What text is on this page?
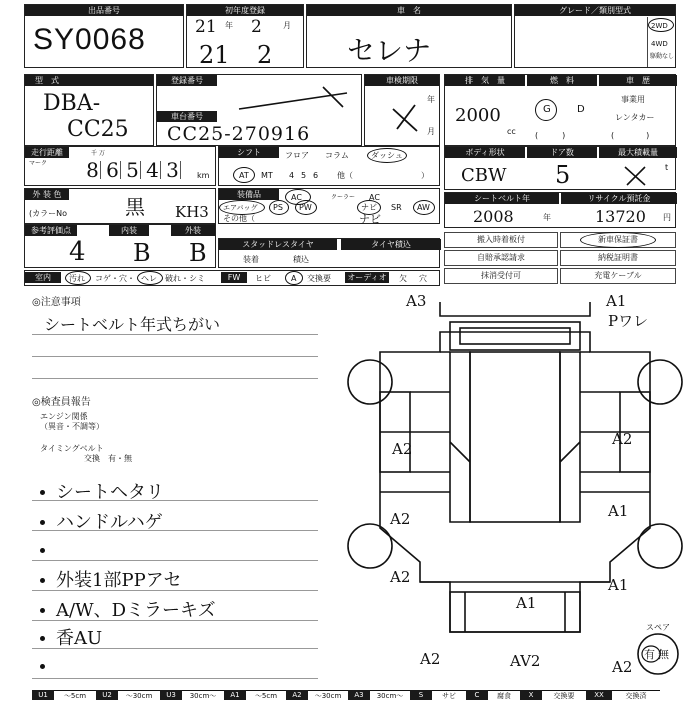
出品番号
SY0068
初年度登録
21 年 2	月
21 2
車　名
セレナ
グレード／類別型式
2WD
4WD
駆動なし
型　式
DBA-
CC25
登録番号
車台番号
CC25-270916
車検期限
年
月
排　気　量	燃　料	車　歴
2000
cc
G	D
事業用
レンタカー
(　　　)	(　　　　)
走行距離
マーク
千 万
8 6 5 4 3 km
シフト	フロア コラム	ダッシュ
AT MT 4 5 6 他（	）
ボディ形状	ドア数	最大積載量
CBW 5	t
外 装 色
(カラーNo	黒 KH3
装備品	AC	クーラー AC
エアバッグ PS PW	ナビ SR AW
その他（	ナビ
シートベルト年	リサイクル預託金
2008	年	13720 円
参考評価点	内装	外装
4 B B	スタッドレスタイヤ	タイヤ積込
装着	積込
搬入時着板付	新車保証書
自賠承認請求	納税証明書
抹消受付可	充電ケーブル
室内	汚れ コゲ・穴・ ヘレ 破れ・シミ	FW	ヒビ	A 交換要 オーディオ 欠 穴
◎注意事項
シートベルト年式ちがい
◎検査員報告
エンジン関係
（異音・不調等）
タイミングベルト
交換　有・無
シートヘタリ
ハンドルハゲ
外装1部PPアセ
A/W、Dミラーキズ
香AU
A3	A1
Pワレ
A2
A2
A2
A2
A1
A1
A1
AV2
A2	A2
スペア
有 無
U1	～5cm	U2	～30cm	U3	30cm～	A1	～5cm	A2	～30cm	A3	30cm～	S	サビ	C	腐食	X	交換要	XX	交換済
